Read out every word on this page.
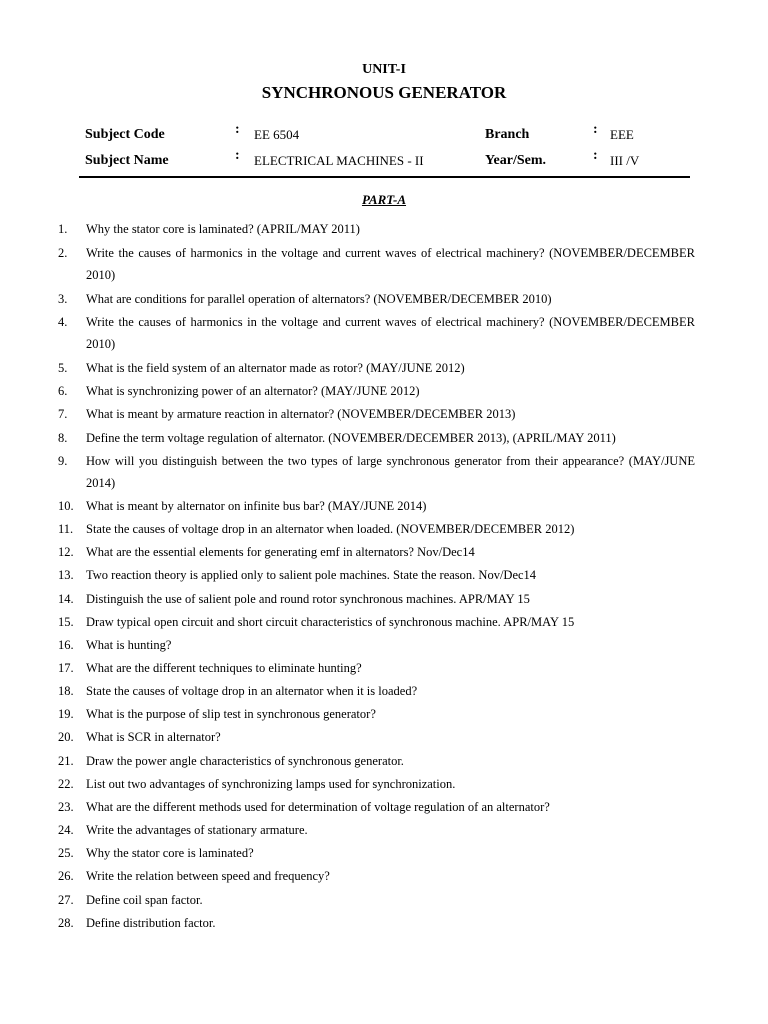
UNIT-I
SYNCHRONOUS GENERATOR
Subject Code	: EE 6504	Branch	: EEE
Subject Name	: ELECTRICAL MACHINES - II	Year/Sem.	: III /V
PART-A
1. Why the stator core is laminated? (APRIL/MAY 2011)
2. Write the causes of harmonics in the voltage and current waves of electrical machinery? (NOVEMBER/DECEMBER 2010)
3. What are conditions for parallel operation of alternators? (NOVEMBER/DECEMBER 2010)
4. Write the causes of harmonics in the voltage and current waves of electrical machinery? (NOVEMBER/DECEMBER 2010)
5. What is the field system of an alternator made as rotor? (MAY/JUNE 2012)
6. What is synchronizing power of an alternator? (MAY/JUNE 2012)
7. What is meant by armature reaction in alternator? (NOVEMBER/DECEMBER 2013)
8. Define the term voltage regulation of alternator. (NOVEMBER/DECEMBER 2013), (APRIL/MAY 2011)
9. How will you distinguish between the two types of large synchronous generator from their appearance? (MAY/JUNE 2014)
10. What is meant by alternator on infinite bus bar? (MAY/JUNE 2014)
11. State the causes of voltage drop in an alternator when loaded. (NOVEMBER/DECEMBER 2012)
12. What are the essential elements for generating emf in alternators? Nov/Dec14
13. Two reaction theory is applied only to salient pole machines. State the reason. Nov/Dec14
14. Distinguish the use of salient pole and round rotor synchronous machines. APR/MAY 15
15. Draw typical open circuit and short circuit characteristics of synchronous machine. APR/MAY 15
16. What is hunting?
17. What are the different techniques to eliminate hunting?
18. State the causes of voltage drop in an alternator when it is loaded?
19. What is the purpose of slip test in synchronous generator?
20. What is SCR in alternator?
21. Draw the power angle characteristics of synchronous generator.
22. List out two advantages of synchronizing lamps used for synchronization.
23. What are the different methods used for determination of voltage regulation of an alternator?
24. Write the advantages of stationary armature.
25. Why the stator core is laminated?
26. Write the relation between speed and frequency?
27. Define coil span factor.
28. Define distribution factor.
